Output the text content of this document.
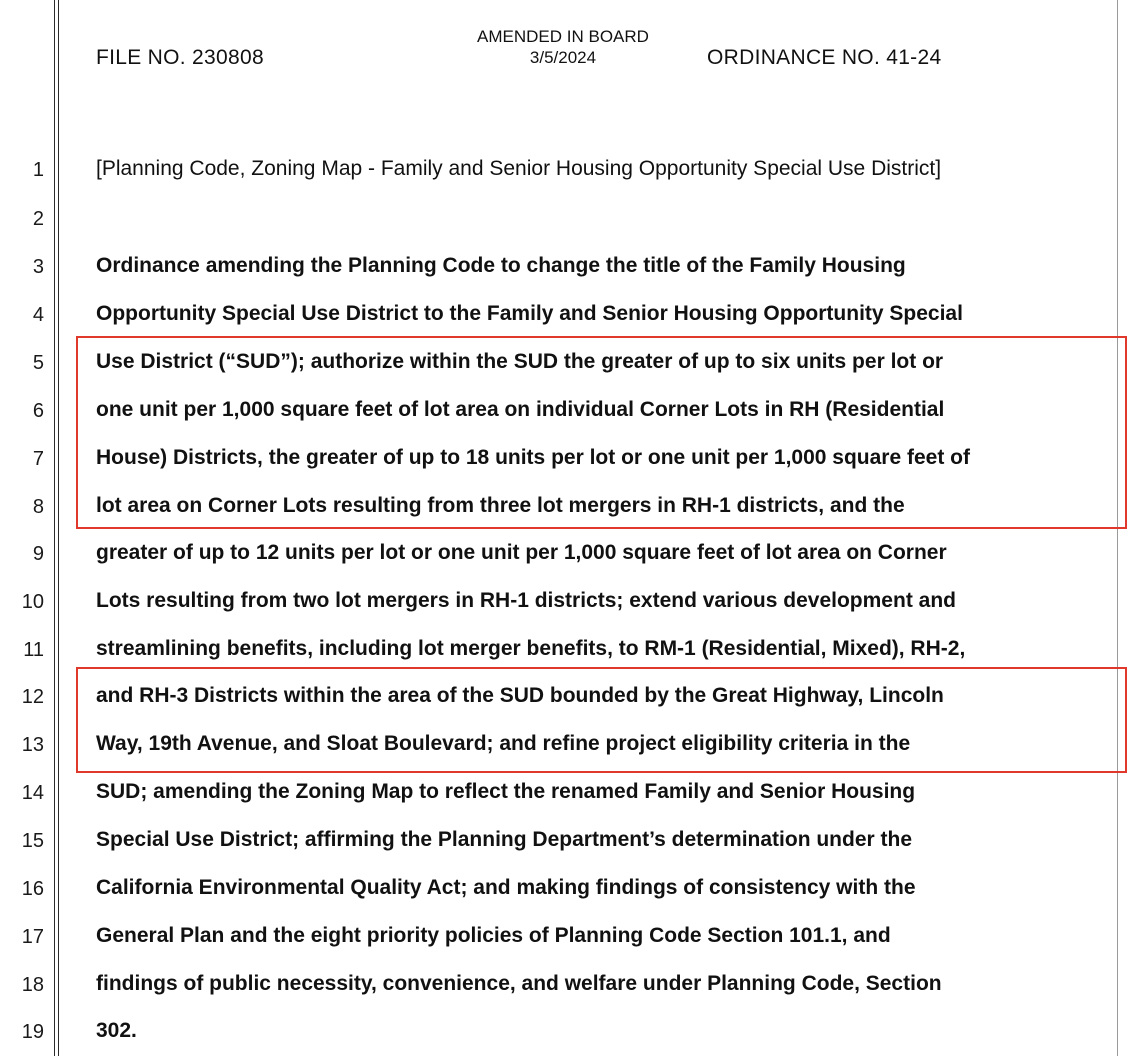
FILE NO. 230808
AMENDED IN BOARD
3/5/2024	ORDINANCE NO. 41-24
1 [Planning Code, Zoning Map - Family and Senior Housing Opportunity Special Use District]
2
3 Ordinance amending the Planning Code to change the title of the Family Housing
4 Opportunity Special Use District to the Family and Senior Housing Opportunity Special
5 Use District (“SUD”); authorize within the SUD the greater of up to six units per lot or
6 one unit per 1,000 square feet of lot area on individual Corner Lots in RH (Residential
7 House) Districts, the greater of up to 18 units per lot or one unit per 1,000 square feet of
8 lot area on Corner Lots resulting from three lot mergers in RH-1 districts, and the
9 greater of up to 12 units per lot or one unit per 1,000 square feet of lot area on Corner
10 Lots resulting from two lot mergers in RH-1 districts; extend various development and
11 streamlining benefits, including lot merger benefits, to RM-1 (Residential, Mixed), RH-2,
12 and RH-3 Districts within the area of the SUD bounded by the Great Highway, Lincoln
13 Way, 19th Avenue, and Sloat Boulevard; and refine project eligibility criteria in the
14 SUD; amending the Zoning Map to reflect the renamed Family and Senior Housing
15 Special Use District; affirming the Planning Department’s determination under the
16 California Environmental Quality Act; and making findings of consistency with the
17 General Plan and the eight priority policies of Planning Code Section 101.1, and
18 findings of public necessity, convenience, and welfare under Planning Code, Section
19 302.
